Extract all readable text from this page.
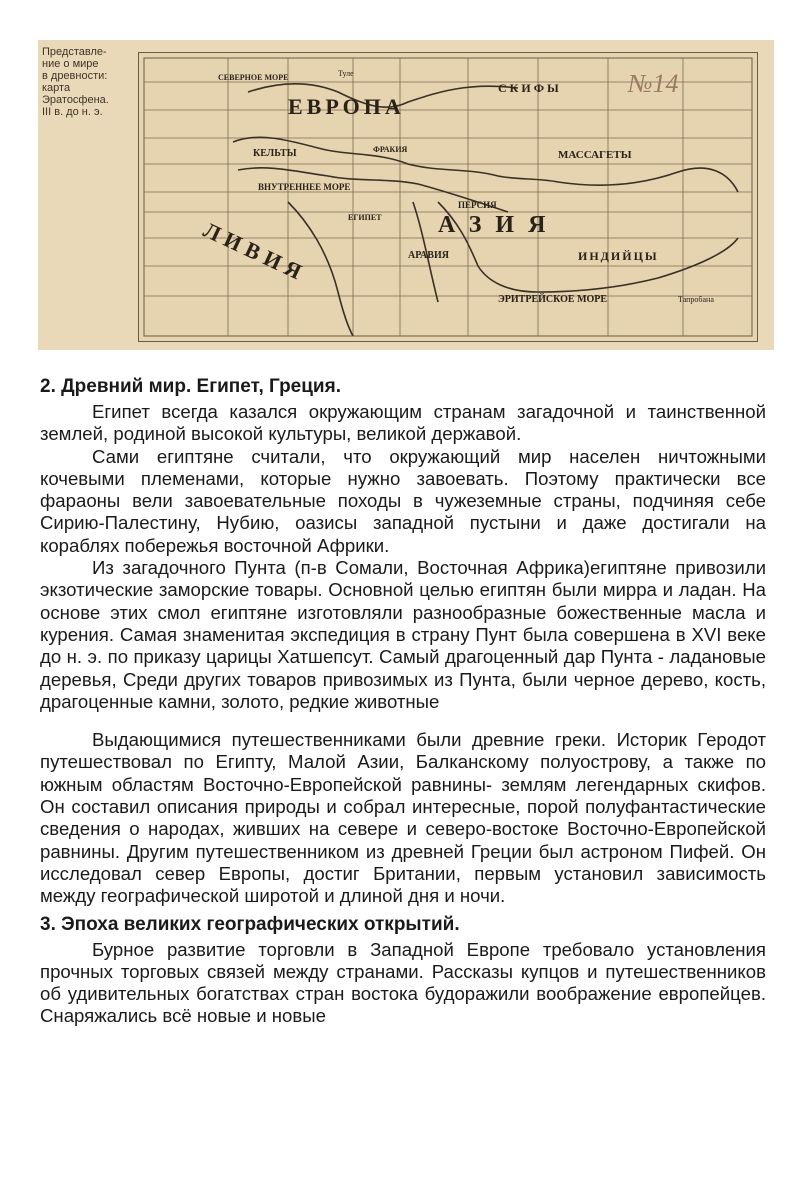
Представле-
ние о мире
в древности:
карта
Эратосфена.
III в. до н. э.	ЕВРОПА
СКИФЫ
СЕВЕРНОЕ МОРЕ
КЕЛЬТЫ	ФРАКИЯ	МАССАГЕТЫ
ВНУТРЕННЕЕ МОРЕ
ЛИВИЯ	АЗИЯ
ПЕРСИЯ
АРАВИЯ	ИНДИЙЦЫ
ЕГИПЕТ
ЭРИТРЕЙСКОЕ МОРЕ
Туле
Тапробана
№14
2. Древний мир. Египет, Греция.

Египет всегда казался окружающим странам загадочной и таинственной землей, родиной высокой культуры, великой державой.

Сами египтяне считали, что окружающий мир населен ничтожными кочевыми племенами, которые нужно завоевать. Поэтому практически все фараоны вели завоевательные походы в чужеземные страны, подчиняя себе Сирию-Палестину, Нубию, оазисы западной пустыни и даже достигали на кораблях побережья восточной Африки.

Из загадочного Пунта (п-в Сомали, Восточная Африка)египтяне привозили экзотические заморские товары. Основной целью египтян были мирра и ладан. На основе этих смол египтяне изготовляли разнообразные божественные масла и курения. Самая знаменитая экспедиция в страну Пунт была совершена в XVI веке до н. э. по приказу царицы Хатшепсут. Самый драгоценный дар Пунта - ладановые деревья, Среди других товаров привозимых из Пунта, были черное дерево, кость, драгоценные камни, золото, редкие животные

Выдающимися путешественниками были древние греки. Историк Геродот путешествовал по Египту, Малой Азии, Балканскому полуострову, а также по южным областям Восточно-Европейской равнины- землям легендарных скифов. Он составил описания природы и собрал интересные, порой полуфантастические сведения о народах, живших на севере и северо-востоке Восточно-Европейской равнины. Другим путешественником из древней Греции был астроном Пифей. Он исследовал север Европы, достиг Британии, первым установил зависимость между географической широтой и длиной дня и ночи.

3. Эпоха великих географических открытий.

Бурное развитие торговли в Западной Европе требовало установления прочных торговых связей между странами. Рассказы купцов и путешественников об удивительных богатствах стран востока будоражили воображение европейцев. Снаряжались всё новые и новые
